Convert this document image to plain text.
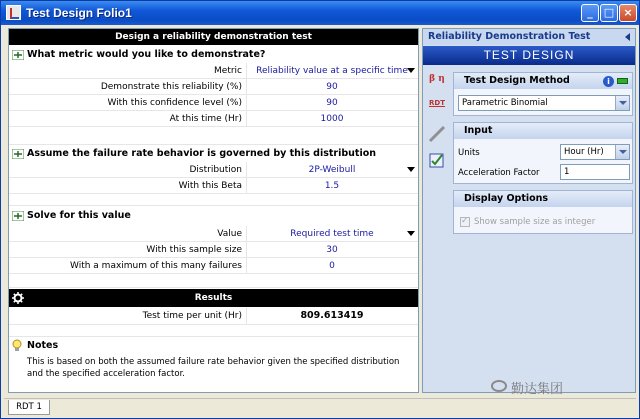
Test Design Folio1	_	□ ×
Design a reliability demonstration test
What metric would you like to demonstrate?
Metric	Reliability value at a specific time
Demonstrate this reliability (%)	90
With this confidence level (%)	90
At this time (Hr)	1000
Assume the failure rate behavior is governed by this distribution
Distribution	2P-Weibull
With this Beta	1.5
Solve for this value
Value	Required test time
With this sample size	30
With a maximum of this many failures	0
Results
Test time per unit (Hr)	809.613419
Notes
This is based on both the assumed failure rate behavior given the specified distribution and the specified acceleration factor.
Reliability Demonstration Test
TEST DESIGN
β η
RDT
Test Design Method	i
Parametric Binomial
Input
Units	Hour (Hr)
Acceleration Factor	1
Display Options
✓
Show sample size as integer
RDT 1
勤达集团
